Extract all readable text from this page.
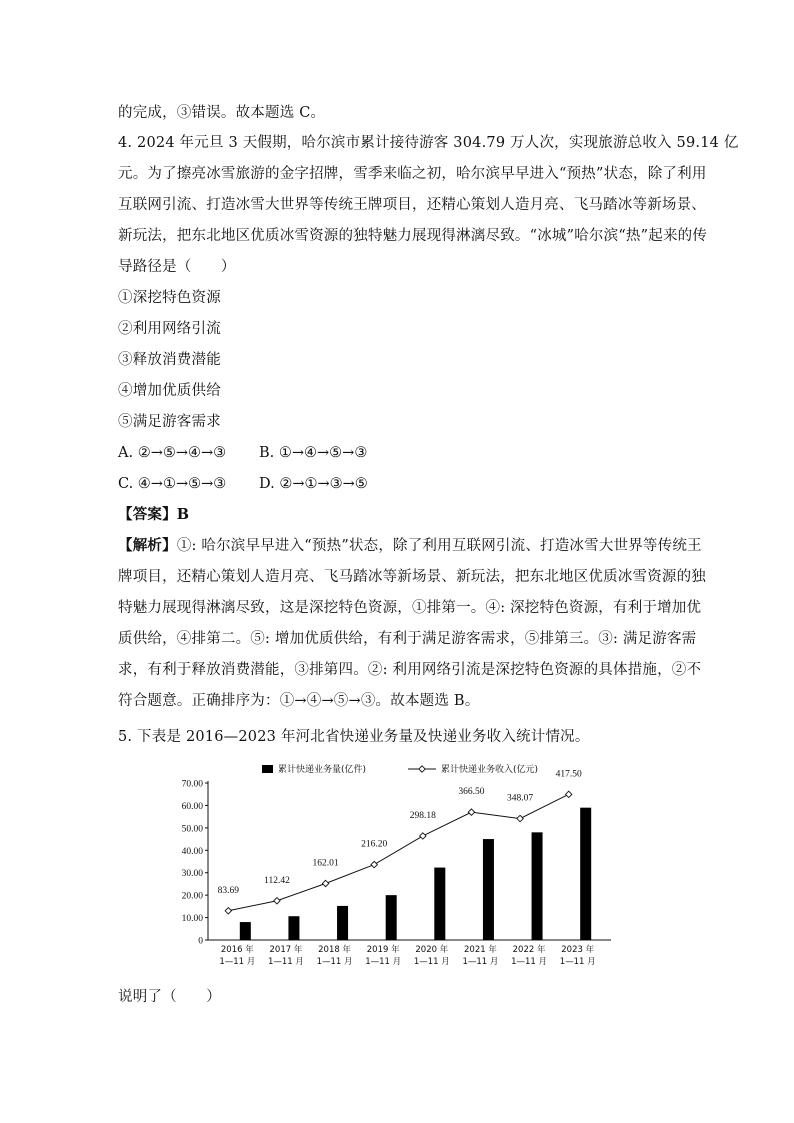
的完成，③错误。故本题选 C。
4. 2024 年元旦 3 天假期，哈尔滨市累计接待游客 304.79 万人次，实现旅游总收入 59.14 亿
元。为了擦亮冰雪旅游的金字招牌，雪季来临之初，哈尔滨早早进入“预热”状态，除了利用
互联网引流、打造冰雪大世界等传统王牌项目，还精心策划人造月亮、飞马踏冰等新场景、
新玩法，把东北地区优质冰雪资源的独特魅力展现得淋漓尽致。“冰城”哈尔滨“热”起来的传
导路径是（　　）
①深挖特色资源
②利用网络引流
③释放消费潜能
④增加优质供给
⑤满足游客需求
A. ②→⑤→④→③ B. ①→④→⑤→③
C. ④→①→⑤→③ D. ②→①→③→⑤
【答案】B
【解析】①: 哈尔滨早早进入“预热”状态，除了利用互联网引流、打造冰雪大世界等传统王
牌项目，还精心策划人造月亮、飞马踏冰等新场景、新玩法，把东北地区优质冰雪资源的独
特魅力展现得淋漓尽致，这是深挖特色资源，①排第一。④: 深挖特色资源，有利于增加优
质供给，④排第二。⑤: 增加优质供给，有利于满足游客需求，⑤排第三。③: 满足游客需
求，有利于释放消费潜能，③排第四。②: 利用网络引流是深挖特色资源的具体措施，②不
符合题意。正确排序为：①→④→⑤→③。故本题选 B。
5. 下表是 2016—2023 年河北省快递业务量及快递业务收入统计情况。
0
10.00
20.00
30.00
40.00
50.00
60.00
70.00
83.69
112.42
162.01
216.20
298.18
366.50
348.07
417.50
2016 年
1—11 月
2017 年
1—11 月
2018 年
1—11 月
2019 年
1—11 月
2020 年
1—11 月
2021 年
1—11 月
2022 年
1—11 月
2023 年
1—11 月
累计快递业务量(亿件)	累计快递业务收入(亿元)
说明了（　　）
